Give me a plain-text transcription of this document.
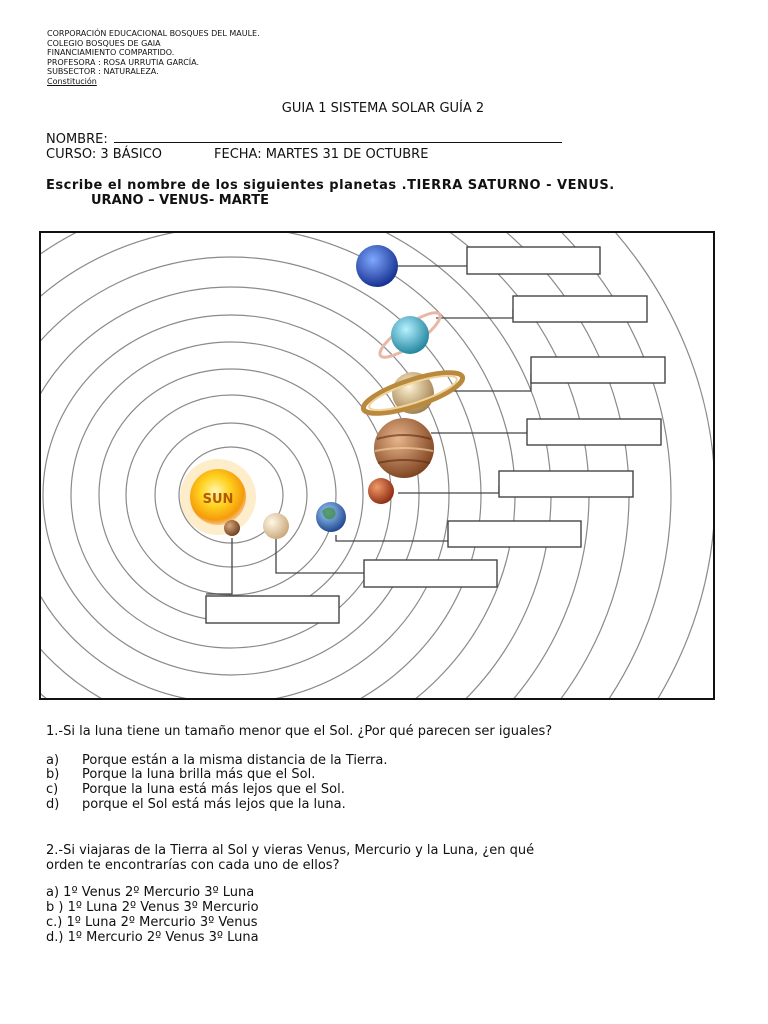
CORPORACIÓN EDUCACIONAL BOSQUES DEL MAULE.
COLEGIO BOSQUES DE GAIA
FINANCIAMIENTO COMPARTIDO.
PROFESORA : ROSA URRUTIA GARCÍA.
SUBSECTOR : NATURALEZA.
Constitución
GUIA 1 SISTEMA SOLAR GUÍA 2
NOMBRE:
CURSO: 3 BÁSICO	FECHA: MARTES 31 DE OCTUBRE
Escribe el nombre de los siguientes planetas .TIERRA SATURNO - VENUS.
URANO – VENUS- MARTE
SUN
1.-Si la luna tiene un tamaño menor que el Sol. ¿Por qué parecen ser iguales?
a) Porque están a la misma distancia de la Tierra.
b) Porque la luna brilla más que el Sol.
c) Porque la luna está más lejos que el Sol.
d) porque el Sol está más lejos que la luna.
2.-Si viajaras de la Tierra al Sol y vieras Venus, Mercurio y la Luna, ¿en qué
orden te encontrarías con cada uno de ellos?
a) 1º Venus 2º Mercurio 3º Luna
b ) 1º Luna 2º Venus 3º Mercurio
c.) 1º Luna 2º Mercurio 3º Venus
d.) 1º Mercurio 2º Venus 3º Luna
